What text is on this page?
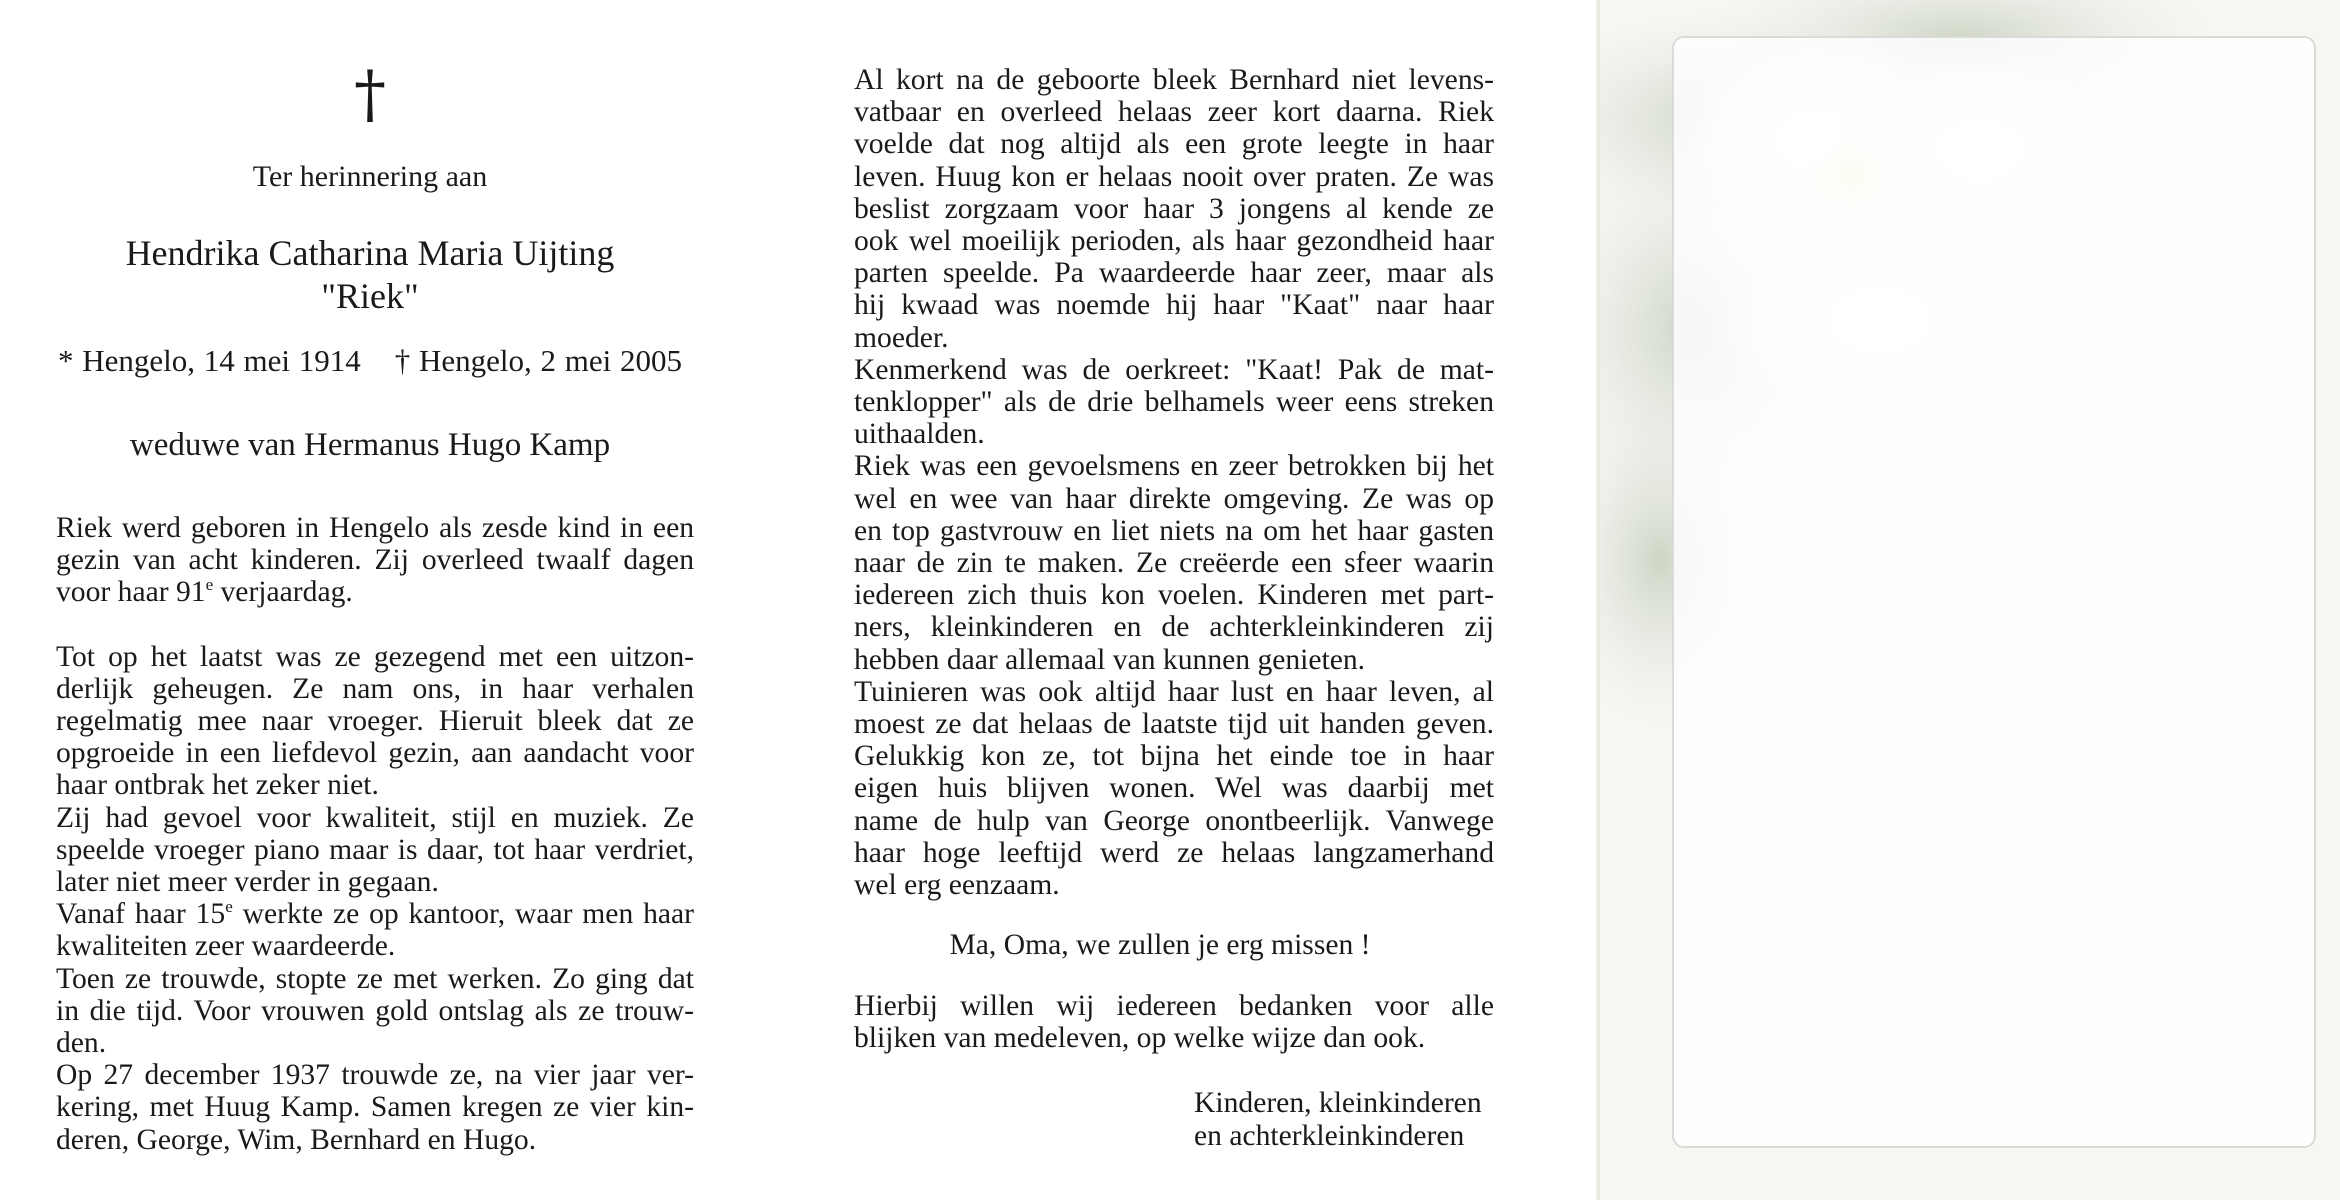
†
Ter herinnering aan
Hendrika Catharina Maria Uijting
"Riek"
* Hengelo, 14 mei 1914 † Hengelo, 2 mei 2005
weduwe van Hermanus Hugo Kamp

Riek werd geboren in Hengelo als zesde kind in een

gezin van acht kinderen. Zij overleed twaalf dagen

voor haar 91e verjaardag.

Tot op het laatst was ze gezegend met een uitzon-

derlijk geheugen. Ze nam ons, in haar verhalen

regelmatig mee naar vroeger. Hieruit bleek dat ze

opgroeide in een liefdevol gezin, aan aandacht voor

haar ontbrak het zeker niet.

Zij had gevoel voor kwaliteit, stijl en muziek. Ze

speelde vroeger piano maar is daar, tot haar verdriet,

later niet meer verder in gegaan.

Vanaf haar 15e werkte ze op kantoor, waar men haar

kwaliteiten zeer waardeerde.

Toen ze trouwde, stopte ze met werken. Zo ging dat

in die tijd. Voor vrouwen gold ontslag als ze trouw-

den.

Op 27 december 1937 trouwde ze, na vier jaar ver-

kering, met Huug Kamp. Samen kregen ze vier kin-

deren, George, Wim, Bernhard en Hugo.

Al kort na de geboorte bleek Bernhard niet levens-

vatbaar en overleed helaas zeer kort daarna. Riek

voelde dat nog altijd als een grote leegte in haar

leven. Huug kon er helaas nooit over praten. Ze was

beslist zorgzaam voor haar 3 jongens al kende ze

ook wel moeilijk perioden, als haar gezondheid haar

parten speelde. Pa waardeerde haar zeer, maar als

hij kwaad was noemde hij haar "Kaat" naar haar

moeder.

Kenmerkend was de oerkreet: "Kaat! Pak de mat-

tenklopper" als de drie belhamels weer eens streken

uithaalden.

Riek was een gevoelsmens en zeer betrokken bij het

wel en wee van haar direkte omgeving. Ze was op

en top gastvrouw en liet niets na om het haar gasten

naar de zin te maken. Ze creëerde een sfeer waarin

iedereen zich thuis kon voelen. Kinderen met part-

ners, kleinkinderen en de achterkleinkinderen zij

hebben daar allemaal van kunnen genieten.

Tuinieren was ook altijd haar lust en haar leven, al

moest ze dat helaas de laatste tijd uit handen geven.

Gelukkig kon ze, tot bijna het einde toe in haar

eigen huis blijven wonen. Wel was daarbij met

name de hulp van George onontbeerlijk. Vanwege

haar hoge leeftijd werd ze helaas langzamerhand

wel erg eenzaam.

Ma, Oma, we zullen je erg missen !

Hierbij willen wij iedereen bedanken voor alle

blijken van medeleven, op welke wijze dan ook.

Kinderen, kleinkinderen
en achterkleinkinderen
